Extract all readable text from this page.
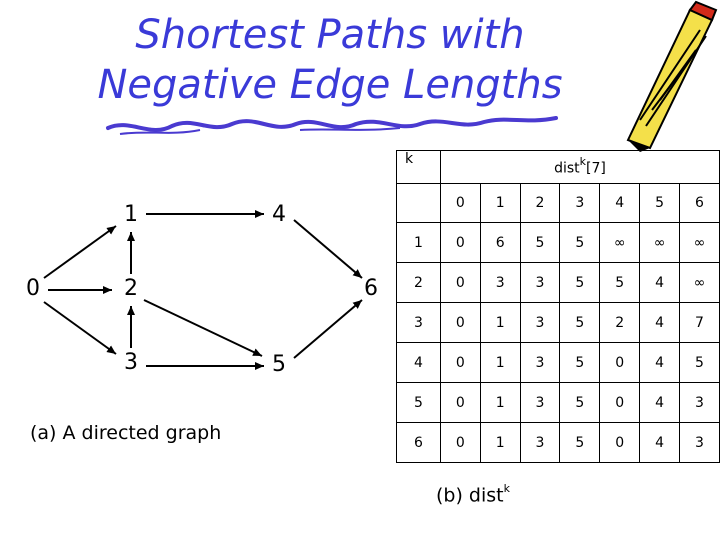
Shortest Paths with
Negative Edge Lengths
0
1
2
3
4
5
6
(a) A directed graph
k	dist$^k$[7]						
	0	1	2	3	4	5	6
1	0	6	5	5	∞	∞	∞
2	0	3	3	5	5	4	∞
3	0	1	3	5	2	4	7
4	0	1	3	5	0	4	5
5	0	1	3	5	0	4	3
6	0	1	3	5	0	4	3
(b) dist$^k$
